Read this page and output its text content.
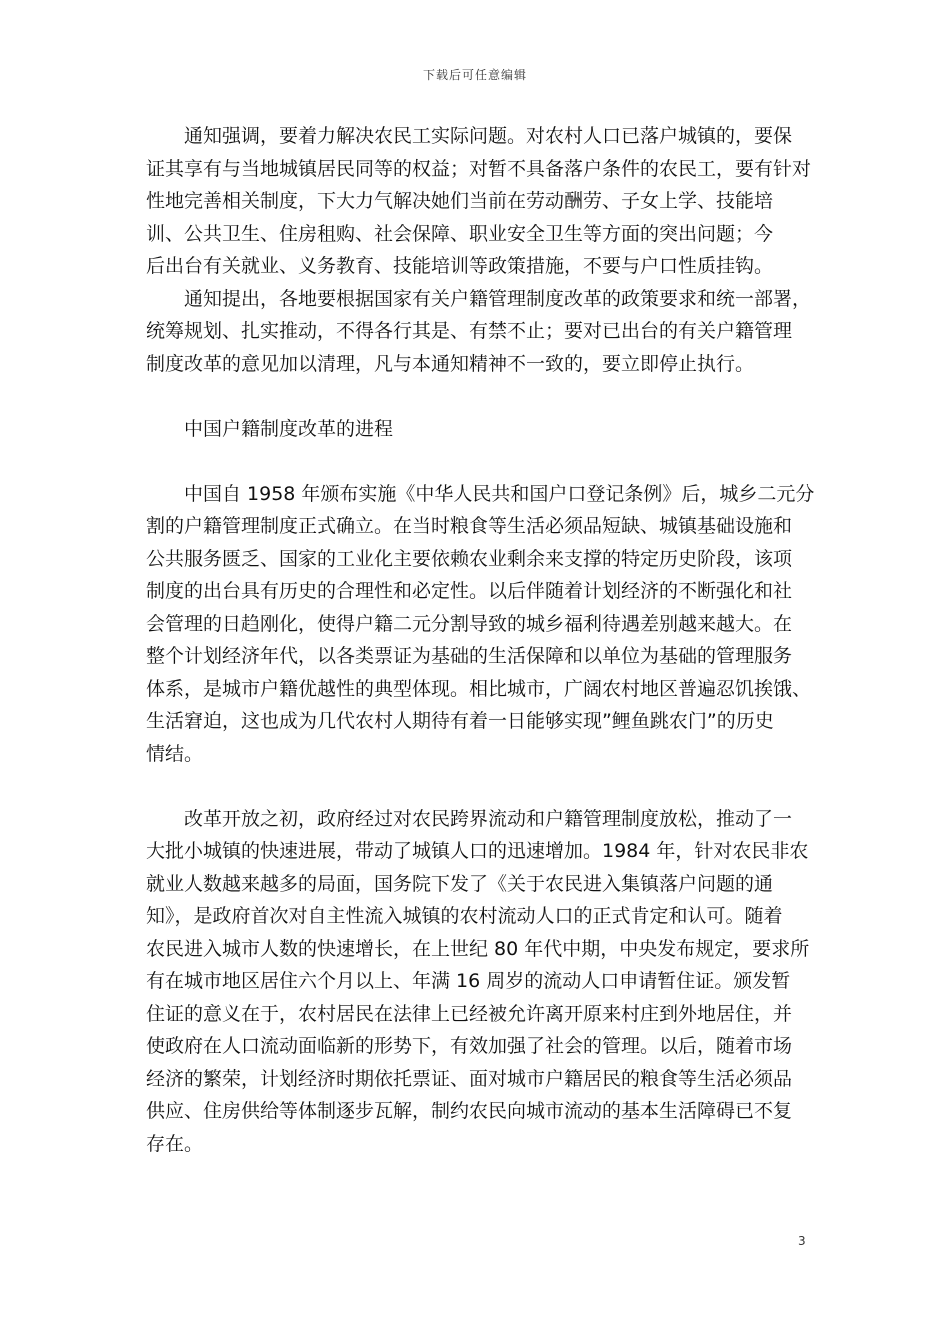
下载后可任意编辑
通知强调，要着力解决农民工实际问题。对农村人口已落户城镇的，要保
证其享有与当地城镇居民同等的权益；对暂不具备落户条件的农民工，要有针对
性地完善相关制度，下大力气解决她们当前在劳动酬劳、子女上学、技能培
训、公共卫生、住房租购、社会保障、职业安全卫生等方面的突出问题；今
后出台有关就业、义务教育、技能培训等政策措施，不要与户口性质挂钩。
通知提出，各地要根据国家有关户籍管理制度改革的政策要求和统一部署，
统筹规划、扎实推动，不得各行其是、有禁不止；要对已出台的有关户籍管理
制度改革的意见加以清理，凡与本通知精神不一致的，要立即停止执行。
中国户籍制度改革的进程
中国自 1958 年颁布实施《中华人民共和国户口登记条例》后，城乡二元分
割的户籍管理制度正式确立。在当时粮食等生活必须品短缺、城镇基础设施和
公共服务匮乏、国家的工业化主要依赖农业剩余来支撑的特定历史阶段，该项
制度的出台具有历史的合理性和必定性。以后伴随着计划经济的不断强化和社
会管理的日趋刚化，使得户籍二元分割导致的城乡福利待遇差别越来越大。在
整个计划经济年代，以各类票证为基础的生活保障和以单位为基础的管理服务
体系，是城市户籍优越性的典型体现。相比城市，广阔农村地区普遍忍饥挨饿、
生活窘迫，这也成为几代农村人期待有着一日能够实现”鲤鱼跳农门”的历史
情结。
改革开放之初，政府经过对农民跨界流动和户籍管理制度放松，推动了一
大批小城镇的快速进展，带动了城镇人口的迅速增加。1984 年，针对农民非农
就业人数越来越多的局面，国务院下发了《关于农民进入集镇落户问题的通
知》，是政府首次对自主性流入城镇的农村流动人口的正式肯定和认可。随着
农民进入城市人数的快速增长，在上世纪 80 年代中期，中央发布规定，要求所
有在城市地区居住六个月以上、年满 16 周岁的流动人口申请暂住证。颁发暂
住证的意义在于，农村居民在法律上已经被允许离开原来村庄到外地居住，并
使政府在人口流动面临新的形势下，有效加强了社会的管理。以后，随着市场
经济的繁荣，计划经济时期依托票证、面对城市户籍居民的粮食等生活必须品
供应、住房供给等体制逐步瓦解，制约农民向城市流动的基本生活障碍已不复
存在。
3
